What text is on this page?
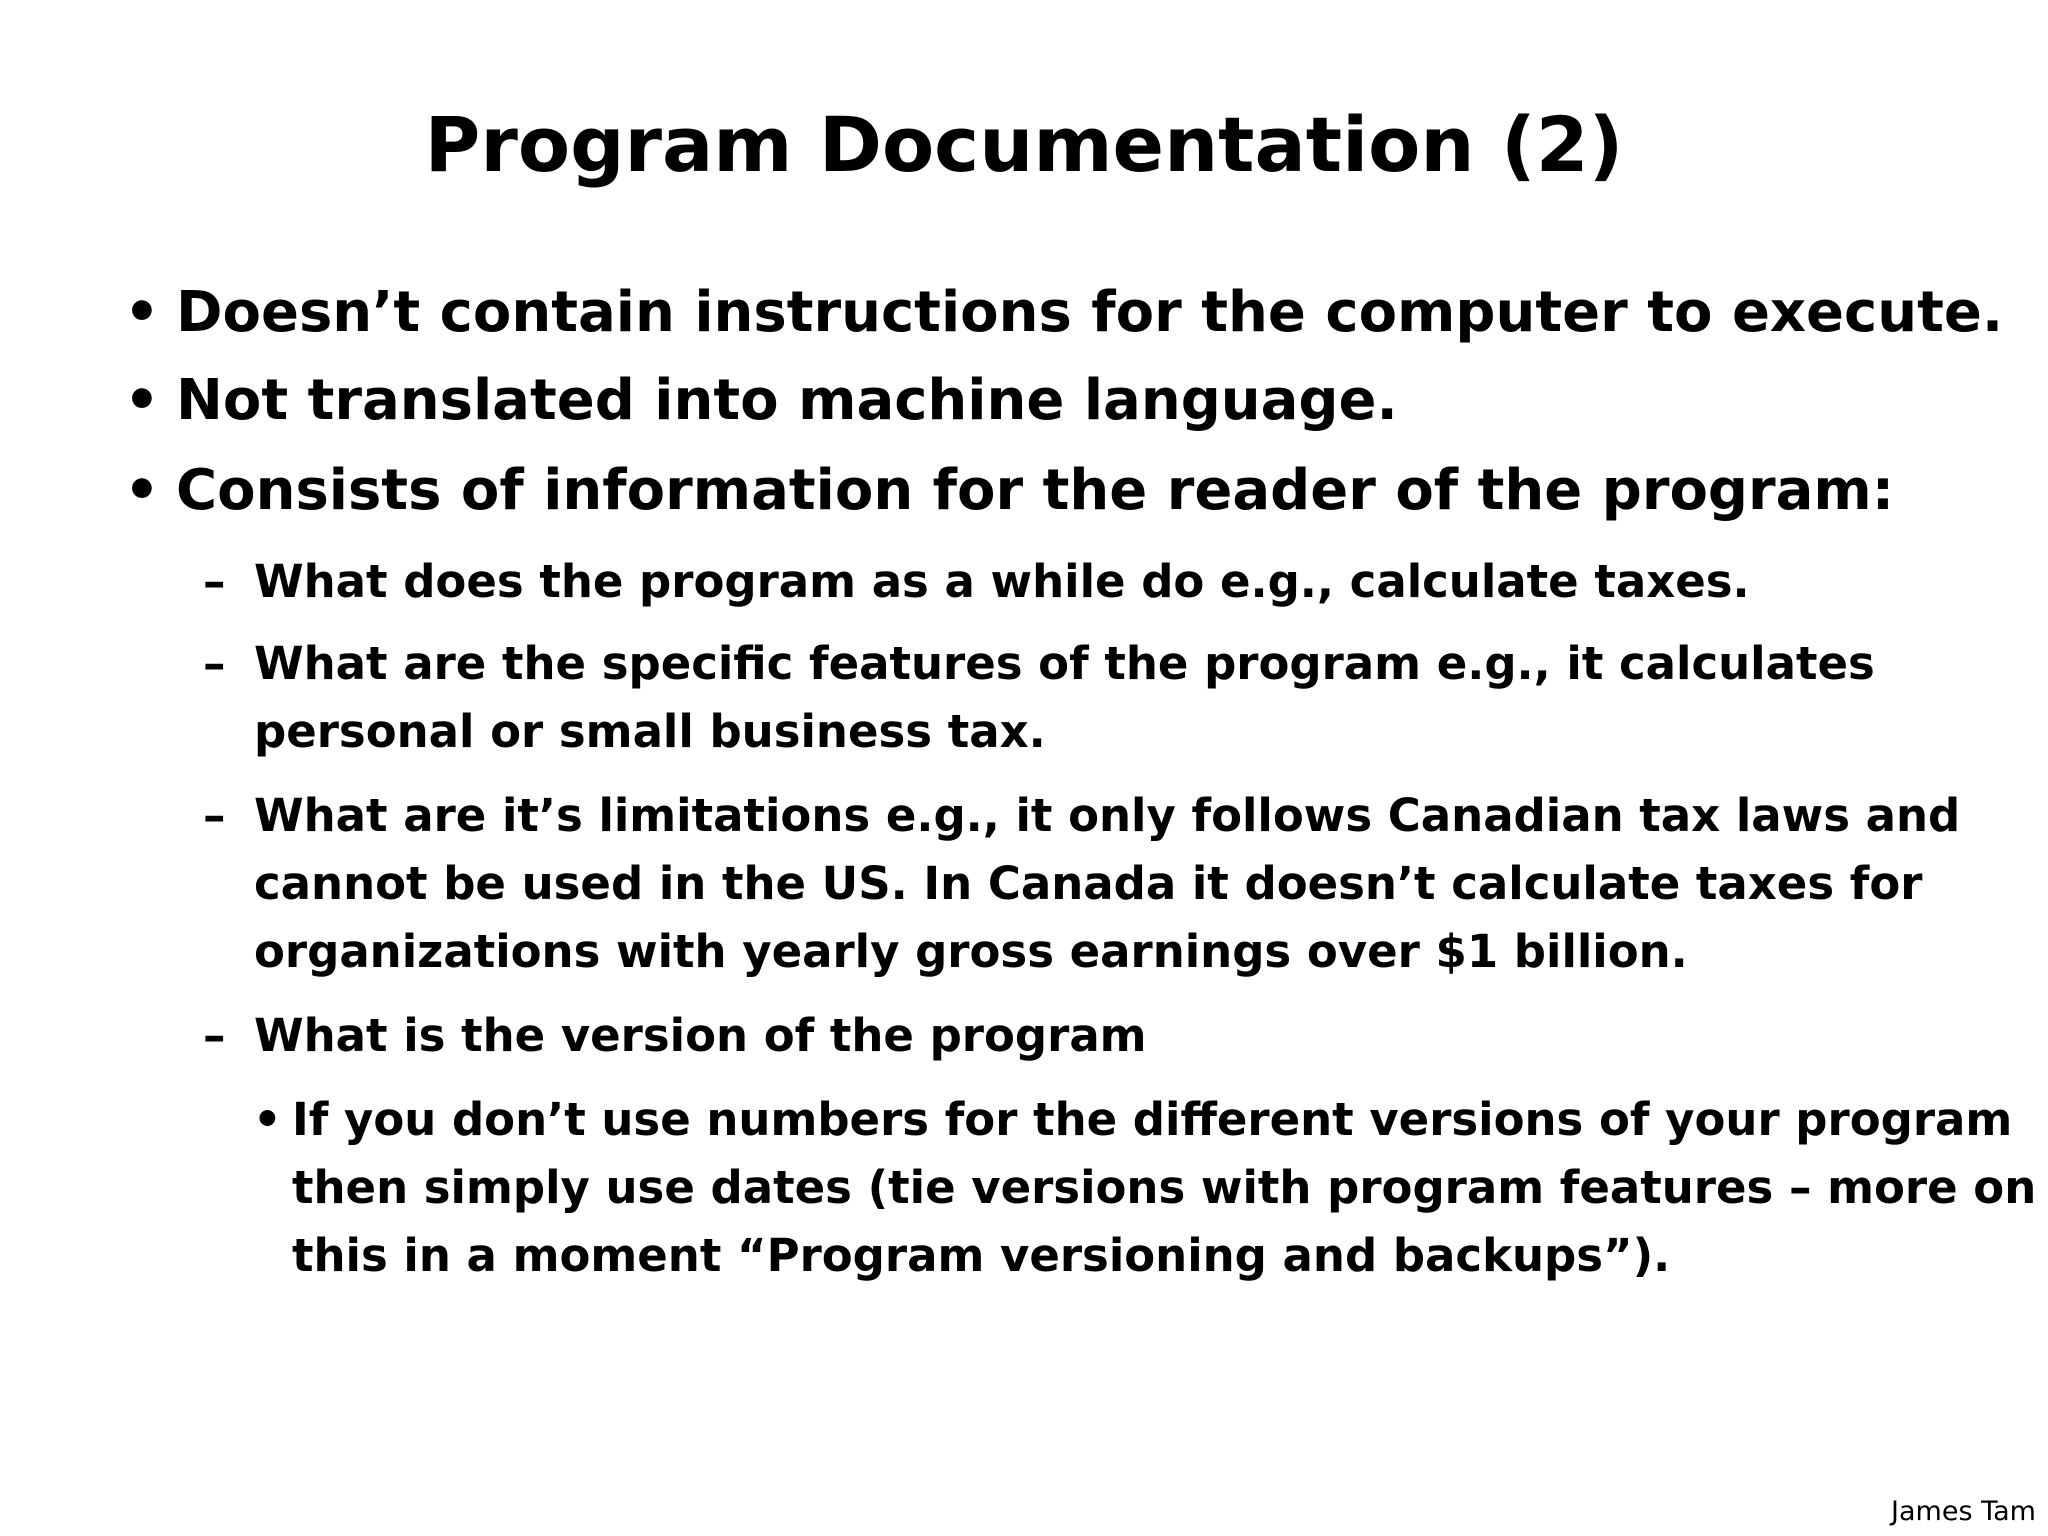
Program Documentation (2)
• Doesn’t contain instructions for the computer to execute.
• Not translated into machine language.
• Consists of information for the reader of the program:
– What does the program as a while do e.g., calculate taxes.
– What are the specific features of the program e.g., it calculates
personal or small business tax.
– What are it’s limitations e.g., it only follows Canadian tax laws and
cannot be used in the US. In Canada it doesn’t calculate taxes for
organizations with yearly gross earnings over $1 billion.
– What is the version of the program
• If you don’t use numbers for the different versions of your program
then simply use dates (tie versions with program features – more on
this in a moment “Program versioning and backups”).
James Tam
